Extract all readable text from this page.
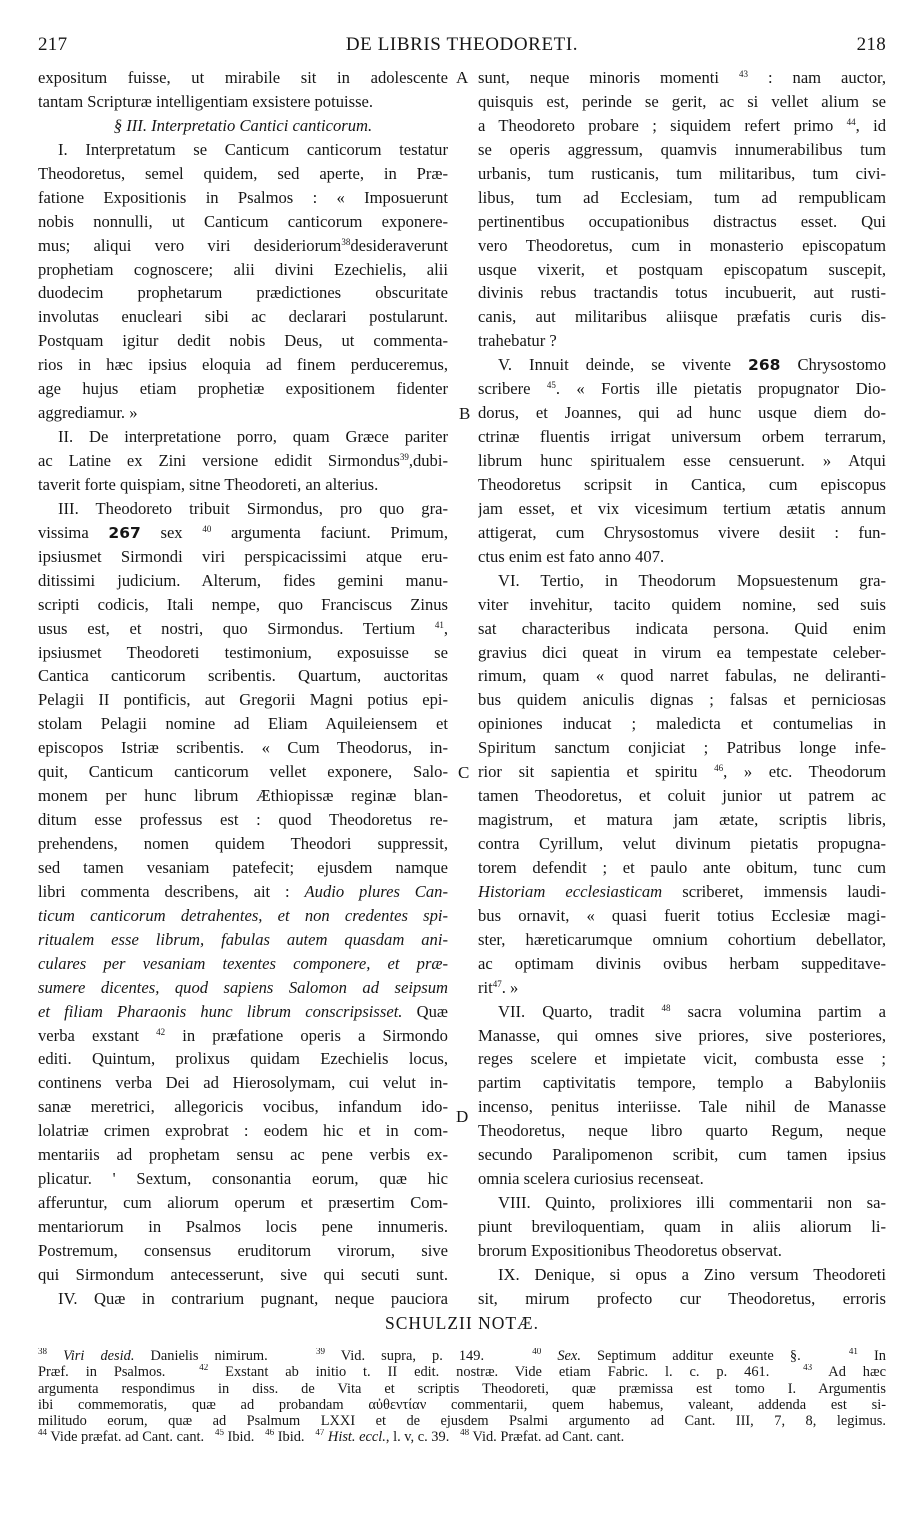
217	DE LIBRIS THEODORETI.	218
expositum fuisse, ut mirabile sit in adolescente
tantam Scripturæ intelligentiam exsistere potuisse.
§ III. Interpretatio Cantici canticorum.
I. Interpretatum se Canticum canticorum testatur
Theodoretus, semel quidem, sed aperte, in Præ-
fatione Expositionis in Psalmos : « Imposuerunt
nobis nonnulli, ut Canticum canticorum exponere-
mus; aliqui vero viri desideriorum$^{38}$desideraverunt
prophetiam cognoscere; alii divini Ezechielis, alii
duodecim prophetarum prædictiones obscuritate
involutas enucleari sibi ac declarari postularunt.
Postquam igitur dedit nobis Deus, ut commenta-
rios in hæc ipsius eloquia ad finem perduceremus,
age hujus etiam prophetiæ expositionem fidenter
aggrediamur. »
II. De interpretatione porro, quam Græce pariter
ac Latine ex Zini versione edidit Sirmondus$^{39}$,dubi-
taverit forte quispiam, sitne Theodoreti, an alterius.
III. Theodoreto tribuit Sirmondus, pro quo gra-
vissima 267 sex $^{40}$ argumenta faciunt. Primum,
ipsiusmet Sirmondi viri perspicacissimi atque eru-
ditissimi judicium. Alterum, fides gemini manu-
scripti codicis, Itali nempe, quo Franciscus Zinus
usus est, et nostri, quo Sirmondus. Tertium $^{41}$,
ipsiusmet Theodoreti testimonium, exposuisse se
Cantica canticorum scribentis. Quartum, auctoritas
Pelagii II pontificis, aut Gregorii Magni potius epi-
stolam Pelagii nomine ad Eliam Aquileiensem et
episcopos Istriæ scribentis. « Cum Theodorus, in-
quit, Canticum canticorum vellet exponere, Salo-
monem per hunc librum Æthiopissæ reginæ blan-
ditum esse professus est : quod Theodoretus re-
prehendens, nomen quidem Theodori suppressit,
sed tamen vesaniam patefecit; ejusdem namque
libri commenta describens, ait : Audio plures Can-
ticum canticorum detrahentes, et non credentes spi-
ritualem esse librum, fabulas autem quasdam ani-
culares per vesaniam texentes componere, et præ-
sumere dicentes, quod sapiens Salomon ad seipsum
et filiam Pharaonis hunc librum conscripsisset. Quæ
verba exstant $^{42}$ in præfatione operis a Sirmondo
editi. Quintum, prolixus quidam Ezechielis locus,
continens verba Dei ad Hierosolymam, cui velut in-
sanæ meretrici, allegoricis vocibus, infandum ido-
lolatriæ crimen exprobrat : eodem hic et in com-
mentariis ad prophetam sensu ac pene verbis ex-
plicatur. ' Sextum, consonantia eorum, quæ hic
afferuntur, cum aliorum operum et præsertim Com-
mentariorum in Psalmos locis pene innumeris.
Postremum, consensus eruditorum virorum, sive
qui Sirmondum antecesserunt, sive qui secuti sunt.
IV. Quæ in contrarium pugnant, neque pauciora
A
B
C
D
sunt, neque minoris momenti $^{43}$ : nam auctor,
quisquis est, perinde se gerit, ac si vellet alium se
a Theodoreto probare ; siquidem refert primo $^{44}$, id
se operis aggressum, quamvis innumerabilibus tum
urbanis, tum rusticanis, tum militaribus, tum civi-
libus, tum ad Ecclesiam, tum ad rempublicam
pertinentibus occupationibus distractus esset. Qui
vero Theodoretus, cum in monasterio episcopatum
usque vixerit, et postquam episcopatum suscepit,
divinis rebus tractandis totus incubuerit, aut rusti-
canis, aut militaribus aliisque præfatis curis dis-
trahebatur ?
V. Innuit deinde, se vivente 268 Chrysostomo
scribere $^{45}$. « Fortis ille pietatis propugnator Dio-
dorus, et Joannes, qui ad hunc usque diem do-
ctrinæ fluentis irrigat universum orbem terrarum,
librum hunc spiritualem esse censuerunt. » Atqui
Theodoretus scripsit in Cantica, cum episcopus
jam esset, et vix vicesimum tertium ætatis annum
attigerat, cum Chrysostomus vivere desiit : fun-
ctus enim est fato anno 407.
VI. Tertio, in Theodorum Mopsuestenum gra-
viter invehitur, tacito quidem nomine, sed suis
sat characteribus indicata persona. Quid enim
gravius dici queat in virum ea tempestate celeber-
rimum, quam « quod narret fabulas, ne deliranti-
bus quidem aniculis dignas ; falsas et perniciosas
opiniones inducat ; maledicta et contumelias in
Spiritum sanctum conjiciat ; Patribus longe infe-
rior sit sapientia et spiritu $^{46}$, » etc. Theodorum
tamen Theodoretus, et coluit junior ut patrem ac
magistrum, et matura jam ætate, scriptis libris,
contra Cyrillum, velut divinum pietatis propugna-
torem defendit ; et paulo ante obitum, tunc cum
Historiam ecclesiasticam scriberet, immensis laudi-
bus ornavit, « quasi fuerit totius Ecclesiæ magi-
ster, hæreticarumque omnium cohortium debellator,
ac optimam divinis ovibus herbam suppeditave-
rit$^{47}$. »
VII. Quarto, tradit $^{48}$ sacra volumina partim a
Manasse, qui omnes sive priores, sive posteriores,
reges scelere et impietate vicit, combusta esse ;
partim captivitatis tempore, templo a Babyloniis
incenso, penitus interiisse. Tale nihil de Manasse
Theodoretus, neque libro quarto Regum, neque
secundo Paralipomenon scribit, cum tamen ipsius
omnia scelera curiosius recenseat.
VIII. Quinto, prolixiores illi commentarii non sa-
piunt breviloquentiam, quam in aliis aliorum li-
brorum Expositionibus Theodoretus observat.
IX. Denique, si opus a Zino versum Theodoreti
sit, mirum profecto cur Theodoretus, erroris
SCHULZII NOTÆ.
$^{38}$ Viri desid. Danielis nimirum.	$^{39}$ Vid. supra, p. 149.	$^{40}$ Sex. Septimum additur exeunte §.	$^{41}$ In
Præf. in Psalmos.	$^{42}$ Exstant ab initio t. II edit. nostræ. Vide etiam Fabric. l. c. p. 461.	$^{43}$ Ad hæc
argumenta respondimus in diss. de Vita et scriptis Theodoreti, quæ præmissa est tomo I. Argumentis
ibi commemoratis, quæ ad probandam αὐθεντίαν commentarii, quem habemus, valeant, addenda est si-
militudo eorum, quæ ad Psalmum LXXI et de ejusdem Psalmi argumento ad Cant. III, 7, 8, legimus.
$^{44}$ Vide præfat. ad Cant. cant. $^{45}$ Ibid. $^{46}$ Ibid. $^{47}$ Hist. eccl., l. v, c. 39. $^{48}$ Vid. Præfat. ad Cant. cant.
